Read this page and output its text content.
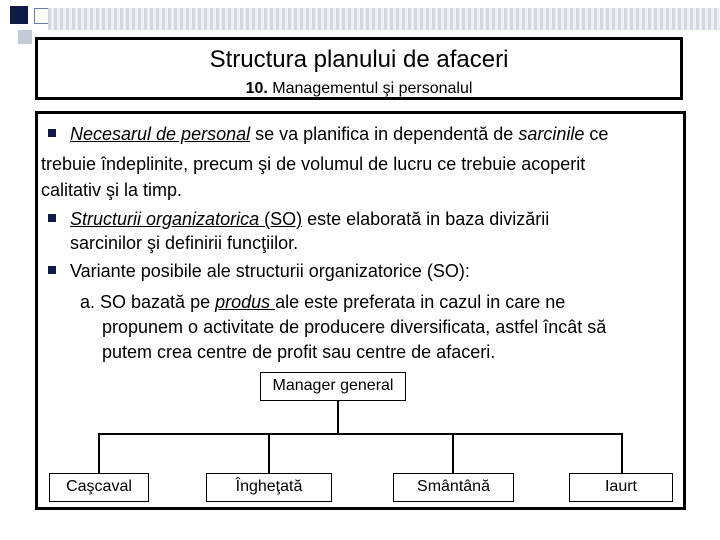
Structura planului de afaceri
10. Managementul şi personalul
Necesarul de personal se va planifica in dependentă de sarcinile ce
trebuie îndeplinite, precum şi de volumul de lucru ce trebuie acoperit
calitativ şi la timp.
Structurii organizatorica (SO) este elaborată in baza divizării
sarcinilor şi definirii funcţiilor.
Variante posibile ale structurii organizatorice (SO):
a. SO bazată pe produs ale este preferata in cazul in care ne
propunem o activitate de producere diversificata, astfel încât să
putem crea centre de profit sau centre de afaceri.
Manager general
Caşcaval	Îngheţată	Smântână	Iaurt
